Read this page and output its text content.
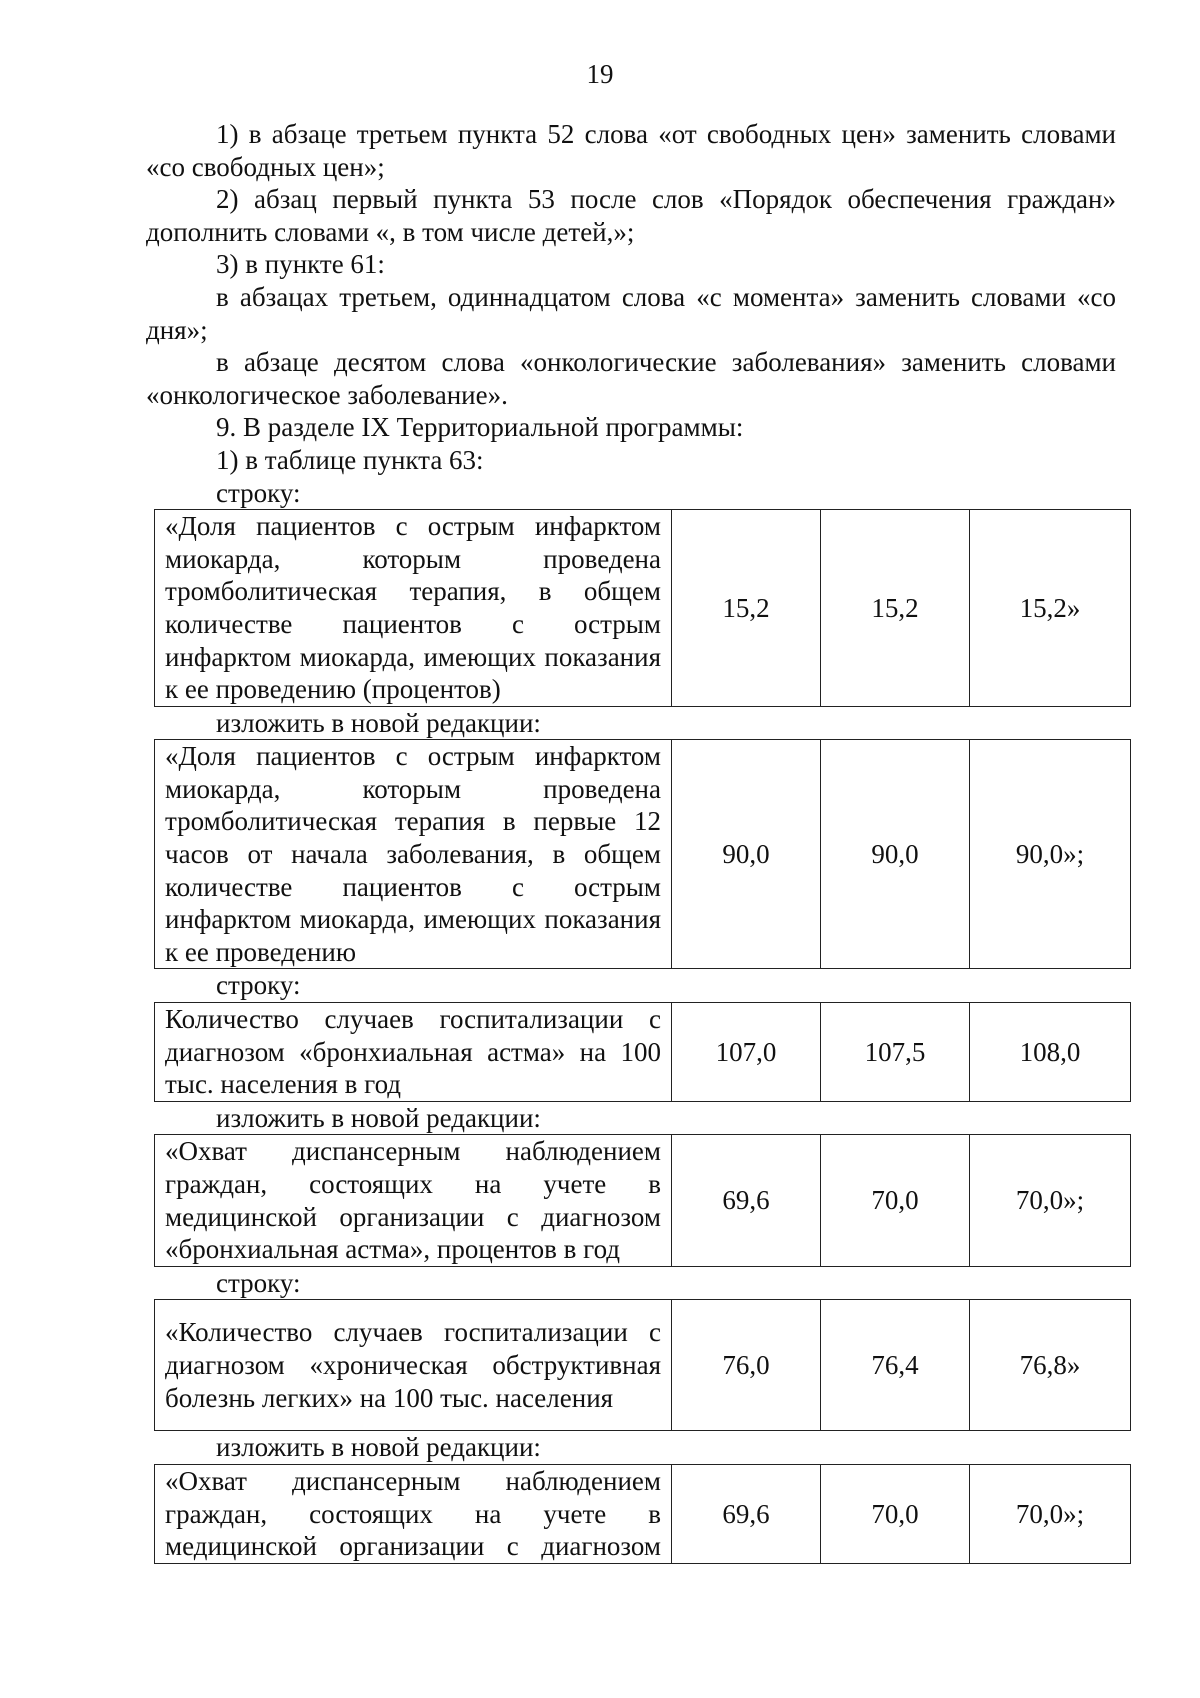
19

1) в абзаце третьем пункта 52 слова «от свободных цен» заменить словами «со свободных цен»;

2) абзац первый пункта 53 после слов «Порядок обеспечения граждан» дополнить словами «, в том числе детей,»;

3) в пункте 61:

в абзацах третьем, одиннадцатом слова «с момента» заменить словами «со дня»;

в абзаце десятом слова «онкологические заболевания» заменить словами «онкологическое заболевание».

9. В разделе IX Территориальной программы:

1) в таблице пункта 63:

строку:

«Доля пациентов с острым инфарктом миокарда, которым проведена тромболитическая терапия, в общем количестве пациентов с острым инфарктом миокарда, имеющих показания к ее проведению (процентов)	15,2	15,2	15,2»

изложить в новой редакции:

«Доля пациентов с острым инфарктом миокарда, которым проведена тромболитическая терапия в первые 12 часов от начала заболевания, в общем количестве пациентов с острым инфарктом миокарда, имеющих показания к ее проведению	90,0	90,0	90,0»;

строку:

Количество случаев госпитализации с диагнозом «бронхиальная астма» на 100 тыс. населения в год	107,0	107,5	108,0

изложить в новой редакции:

«Охват диспансерным наблюдением граждан, состоящих на учете в медицинской организации с диагнозом «бронхиальная астма», процентов в год	69,6	70,0	70,0»;

строку:

«Количество случаев госпитализации с диагнозом «хроническая обструктивная болезнь легких» на 100 тыс. населения	76,0	76,4	76,8»

изложить в новой редакции:

«Охват диспансерным наблюдением граждан, состоящих на учете в медицинской организации с диагнозом	69,6	70,0	70,0»;
